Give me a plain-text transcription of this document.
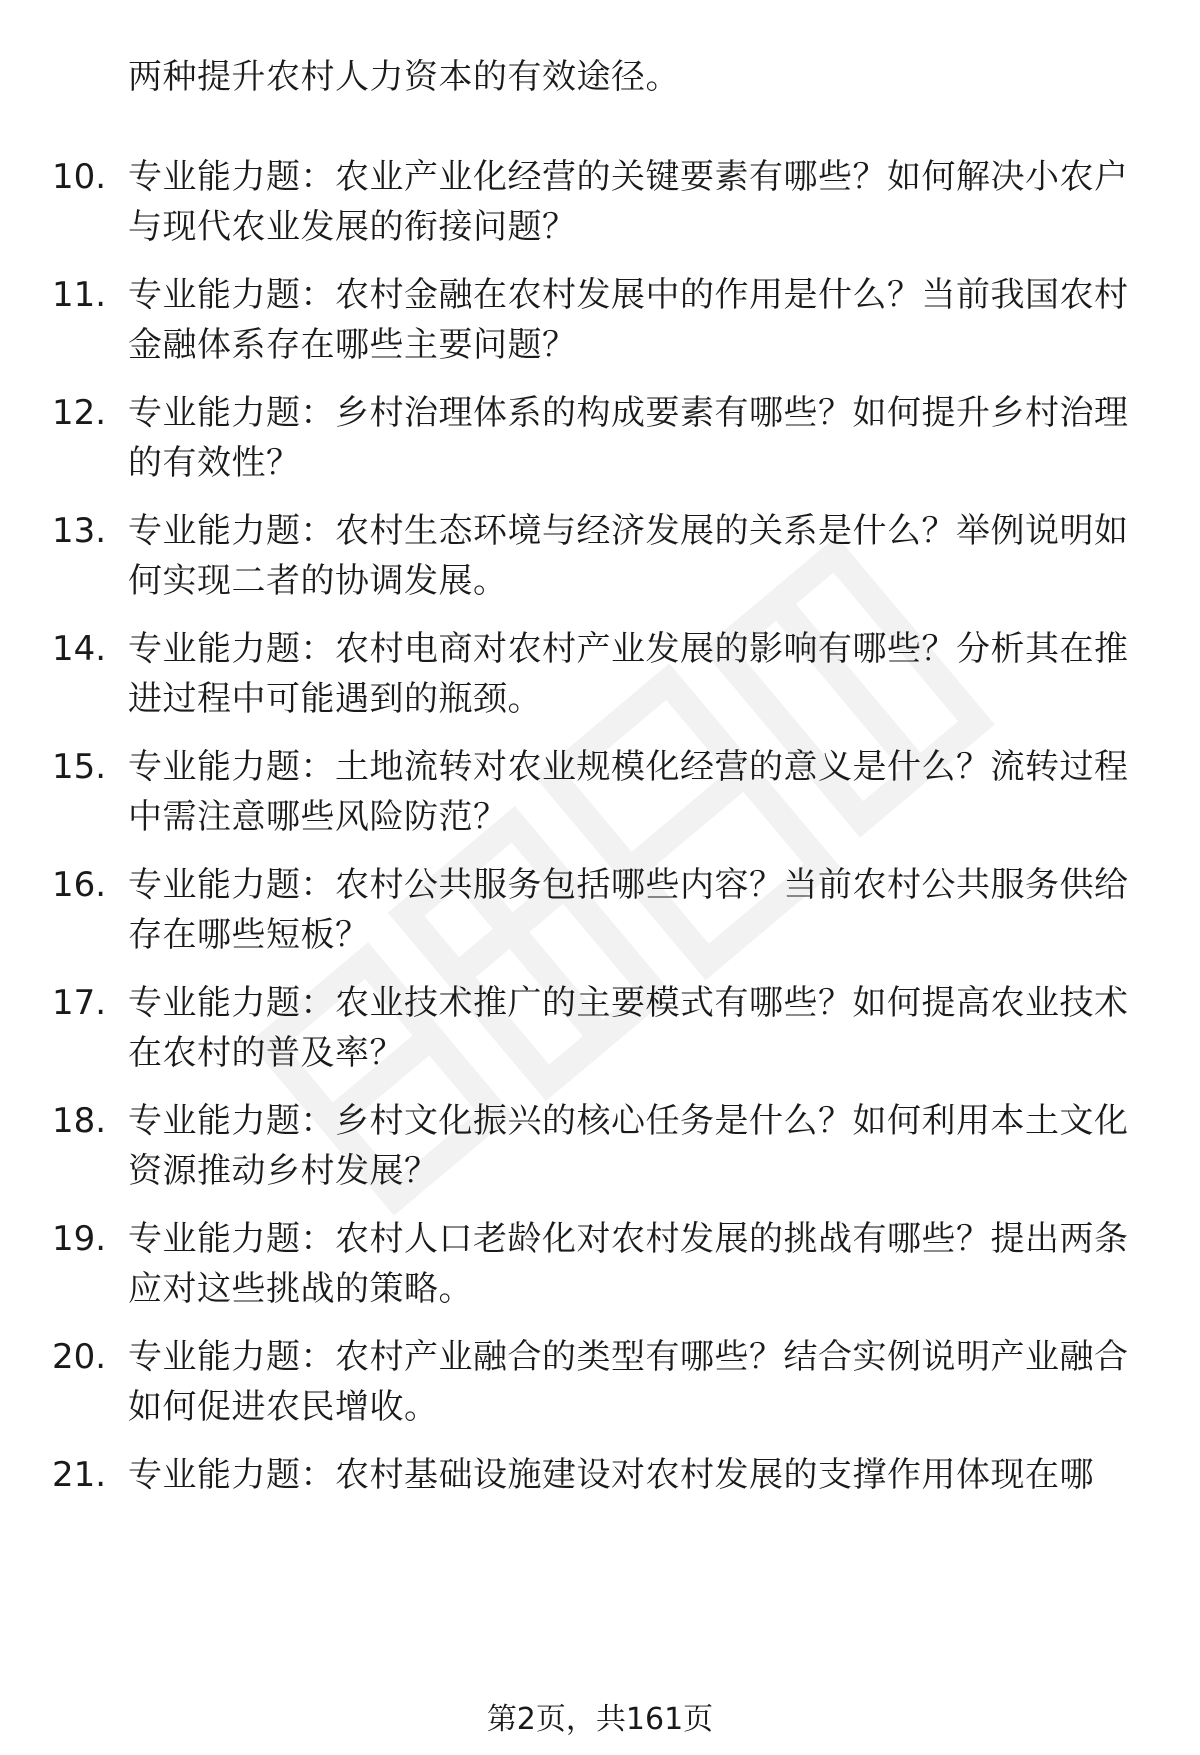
两种提升农村人力资本的有效途径。
10. 专业能力题：农业产业化经营的关键要素有哪些？如何解决小农户与现代农业发展的衔接问题？
11. 专业能力题：农村金融在农村发展中的作用是什么？当前我国农村金融体系存在哪些主要问题？
12. 专业能力题：乡村治理体系的构成要素有哪些？如何提升乡村治理的有效性？
13. 专业能力题：农村生态环境与经济发展的关系是什么？举例说明如何实现二者的协调发展。
14. 专业能力题：农村电商对农村产业发展的影响有哪些？分析其在推进过程中可能遇到的瓶颈。
15. 专业能力题：土地流转对农业规模化经营的意义是什么？流转过程中需注意哪些风险防范？
16. 专业能力题：农村公共服务包括哪些内容？当前农村公共服务供给存在哪些短板？
17. 专业能力题：农业技术推广的主要模式有哪些？如何提高农业技术在农村的普及率？
18. 专业能力题：乡村文化振兴的核心任务是什么？如何利用本土文化资源推动乡村发展？
19. 专业能力题：农村人口老龄化对农村发展的挑战有哪些？提出两条应对这些挑战的策略。
20. 专业能力题：农村产业融合的类型有哪些？结合实例说明产业融合如何促进农民增收。
21. 专业能力题：农村基础设施建设对农村发展的支撑作用体现在哪
第2页，共161页
